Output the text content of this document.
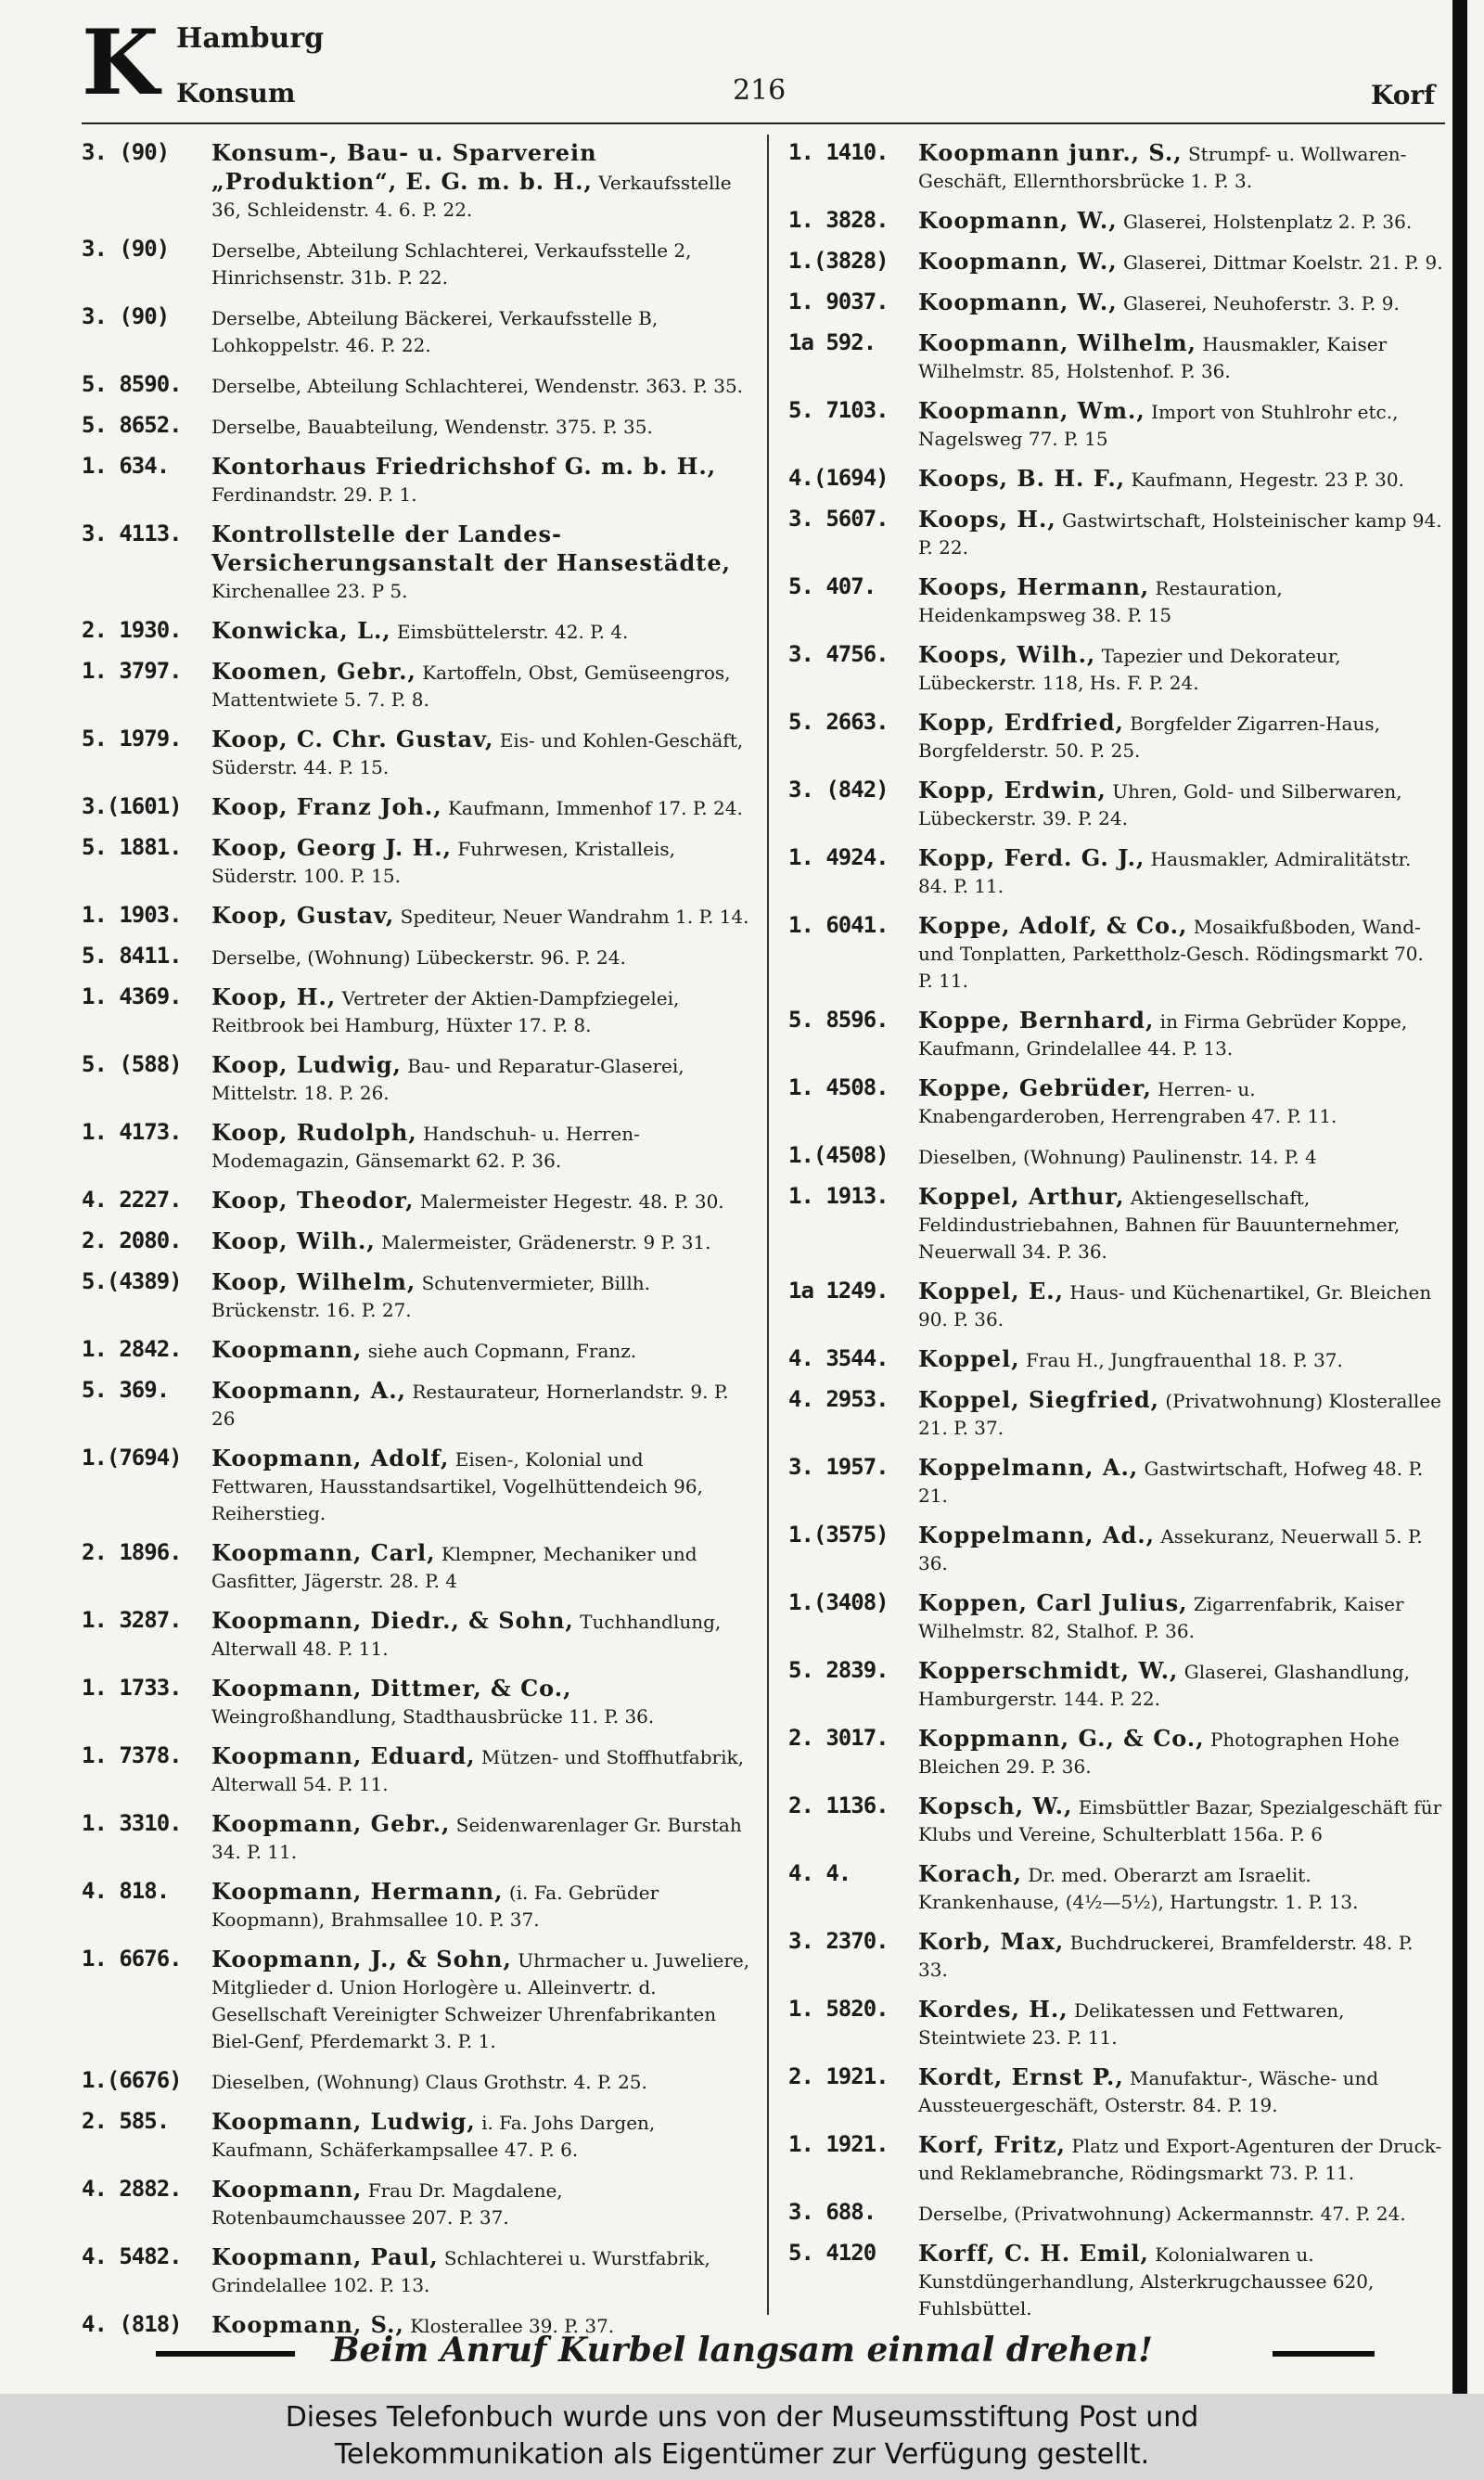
K Hamburg
Konsum	216	Korf
3. (90) Konsum-, Bau- u. Sparverein „Produktion“, E. G. m. b. H., Verkaufsstelle 36, Schleidenstr. 4. 6. P. 22.
3. (90) Derselbe, Abteilung Schlachterei, Verkaufsstelle 2, Hinrichsenstr. 31b. P. 22.
3. (90) Derselbe, Abteilung Bäckerei, Verkaufsstelle B, Lohkoppelstr. 46. P. 22.
5. 8590. Derselbe, Abteilung Schlachterei, Wendenstr. 363. P. 35.
5. 8652. Derselbe, Bauabteilung, Wendenstr. 375. P. 35.
1. 634. Kontorhaus Friedrichshof G. m. b. H., Ferdinandstr. 29. P. 1.
3. 4113. Kontrollstelle der Landes-Versicherungsanstalt der Hansestädte, Kirchenallee 23. P 5.
2. 1930. Konwicka, L., Eimsbüttelerstr. 42. P. 4.
1. 3797. Koomen, Gebr., Kartoffeln, Obst, Gemüseengros, Mattentwiete 5. 7. P. 8.
5. 1979. Koop, C. Chr. Gustav, Eis- und Kohlen-Geschäft, Süderstr. 44. P. 15.
3.(1601) Koop, Franz Joh., Kaufmann, Immenhof 17. P. 24.
5. 1881. Koop, Georg J. H., Fuhrwesen, Kristalleis, Süderstr. 100. P. 15.
1. 1903. Koop, Gustav, Spediteur, Neuer Wandrahm 1. P. 14.
5. 8411. Derselbe, (Wohnung) Lübeckerstr. 96. P. 24.
1. 4369. Koop, H., Vertreter der Aktien-Dampfziegelei, Reitbrook bei Hamburg, Hüxter 17. P. 8.
5. (588) Koop, Ludwig, Bau- und Reparatur-Glaserei, Mittelstr. 18. P. 26.
1. 4173. Koop, Rudolph, Handschuh- u. Herren-Modemagazin, Gänsemarkt 62. P. 36.
4. 2227. Koop, Theodor, Malermeister Hegestr. 48. P. 30.
2. 2080. Koop, Wilh., Malermeister, Grädenerstr. 9 P. 31.
5.(4389) Koop, Wilhelm, Schutenvermieter, Billh. Brückenstr. 16. P. 27.
1. 2842. Koopmann, siehe auch Copmann, Franz.
5. 369. Koopmann, A., Restaurateur, Hornerlandstr. 9. P. 26
1.(7694) Koopmann, Adolf, Eisen-, Kolonial und Fettwaren, Hausstandsartikel, Vogelhüttendeich 96, Reiherstieg.
2. 1896. Koopmann, Carl, Klempner, Mechaniker und Gasfitter, Jägerstr. 28. P. 4
1. 3287. Koopmann, Diedr., & Sohn, Tuchhandlung, Alterwall 48. P. 11.
1. 1733. Koopmann, Dittmer, & Co., Weingroßhandlung, Stadthausbrücke 11. P. 36.
1. 7378. Koopmann, Eduard, Mützen- und Stoffhutfabrik, Alterwall 54. P. 11.
1. 3310. Koopmann, Gebr., Seidenwarenlager Gr. Burstah 34. P. 11.
4. 818. Koopmann, Hermann, (i. Fa. Gebrüder Koopmann), Brahmsallee 10. P. 37.
1. 6676. Koopmann, J., & Sohn, Uhrmacher u. Juweliere, Mitglieder d. Union Horlogère u. Alleinvertr. d. Gesellschaft Vereinigter Schweizer Uhrenfabrikanten Biel-Genf, Pferdemarkt 3. P. 1.
1.(6676) Dieselben, (Wohnung) Claus Grothstr. 4. P. 25.
2. 585. Koopmann, Ludwig, i. Fa. Johs Dargen, Kaufmann, Schäferkampsallee 47. P. 6.
4. 2882. Koopmann, Frau Dr. Magdalene, Rotenbaumchaussee 207. P. 37.
4. 5482. Koopmann, Paul, Schlachterei u. Wurstfabrik, Grindelallee 102. P. 13.
4. (818) Koopmann, S., Klosterallee 39. P. 37.
1. 1410. Koopmann junr., S., Strumpf- u. Wollwaren-Geschäft, Ellernthorsbrücke 1. P. 3.
1. 3828. Koopmann, W., Glaserei, Holstenplatz 2. P. 36.
1.(3828) Koopmann, W., Glaserei, Dittmar Koelstr. 21. P. 9.
1. 9037. Koopmann, W., Glaserei, Neuhoferstr. 3. P. 9.
1a 592. Koopmann, Wilhelm, Hausmakler, Kaiser Wilhelmstr. 85, Holstenhof. P. 36.
5. 7103. Koopmann, Wm., Import von Stuhlrohr etc., Nagelsweg 77. P. 15
4.(1694) Koops, B. H. F., Kaufmann, Hegestr. 23 P. 30.
3. 5607. Koops, H., Gastwirtschaft, Holsteinischer kamp 94. P. 22.
5. 407. Koops, Hermann, Restauration, Heidenkampsweg 38. P. 15
3. 4756. Koops, Wilh., Tapezier und Dekorateur, Lübeckerstr. 118, Hs. F. P. 24.
5. 2663. Kopp, Erdfried, Borgfelder Zigarren-Haus, Borgfelderstr. 50. P. 25.
3. (842) Kopp, Erdwin, Uhren, Gold- und Silberwaren, Lübeckerstr. 39. P. 24.
1. 4924. Kopp, Ferd. G. J., Hausmakler, Admiralitätstr. 84. P. 11.
1. 6041. Koppe, Adolf, & Co., Mosaikfußboden, Wand- und Tonplatten, Parkettholz-Gesch. Rödingsmarkt 70. P. 11.
5. 8596. Koppe, Bernhard, in Firma Gebrüder Koppe, Kaufmann, Grindelallee 44. P. 13.
1. 4508. Koppe, Gebrüder, Herren- u. Knabengarderoben, Herrengraben 47. P. 11.
1.(4508) Dieselben, (Wohnung) Paulinenstr. 14. P. 4
1. 1913. Koppel, Arthur, Aktiengesellschaft, Feldindustriebahnen, Bahnen für Bauunternehmer, Neuerwall 34. P. 36.
1a 1249. Koppel, E., Haus- und Küchenartikel, Gr. Bleichen 90. P. 36.
4. 3544. Koppel, Frau H., Jungfrauenthal 18. P. 37.
4. 2953. Koppel, Siegfried, (Privatwohnung) Klosterallee 21. P. 37.
3. 1957. Koppelmann, A., Gastwirtschaft, Hofweg 48. P. 21.
1.(3575) Koppelmann, Ad., Assekuranz, Neuerwall 5. P. 36.
1.(3408) Koppen, Carl Julius, Zigarrenfabrik, Kaiser Wilhelmstr. 82, Stalhof. P. 36.
5. 2839. Kopperschmidt, W., Glaserei, Glashandlung, Hamburgerstr. 144. P. 22.
2. 3017. Koppmann, G., & Co., Photographen Hohe Bleichen 29. P. 36.
2. 1136. Kopsch, W., Eimsbüttler Bazar, Spezialgeschäft für Klubs und Vereine, Schulterblatt 156a. P. 6
4. 4.	Korach, Dr. med. Oberarzt am Israelit. Krankenhause, (4½—5½), Hartungstr. 1. P. 13.
3. 2370. Korb, Max, Buchdruckerei, Bramfelderstr. 48. P. 33.
1. 5820. Kordes, H., Delikatessen und Fettwaren, Steintwiete 23. P. 11.
2. 1921. Kordt, Ernst P., Manufaktur-, Wäsche- und Aussteuergeschäft, Osterstr. 84. P. 19.
1. 1921. Korf, Fritz, Platz und Export-Agenturen der Druck- und Reklamebranche, Rödingsmarkt 73. P. 11.
3. 688. Derselbe, (Privatwohnung) Ackermannstr. 47. P. 24.
5. 4120 Korff, C. H. Emil, Kolonialwaren u. Kunstdüngerhandlung, Alsterkrugchaussee 620, Fuhlsbüttel.
Beim Anruf Kurbel langsam einmal drehen!
Dieses Telefonbuch wurde uns von der Museumsstiftung Post und
Telekommunikation als Eigentümer zur Verfügung gestellt.
